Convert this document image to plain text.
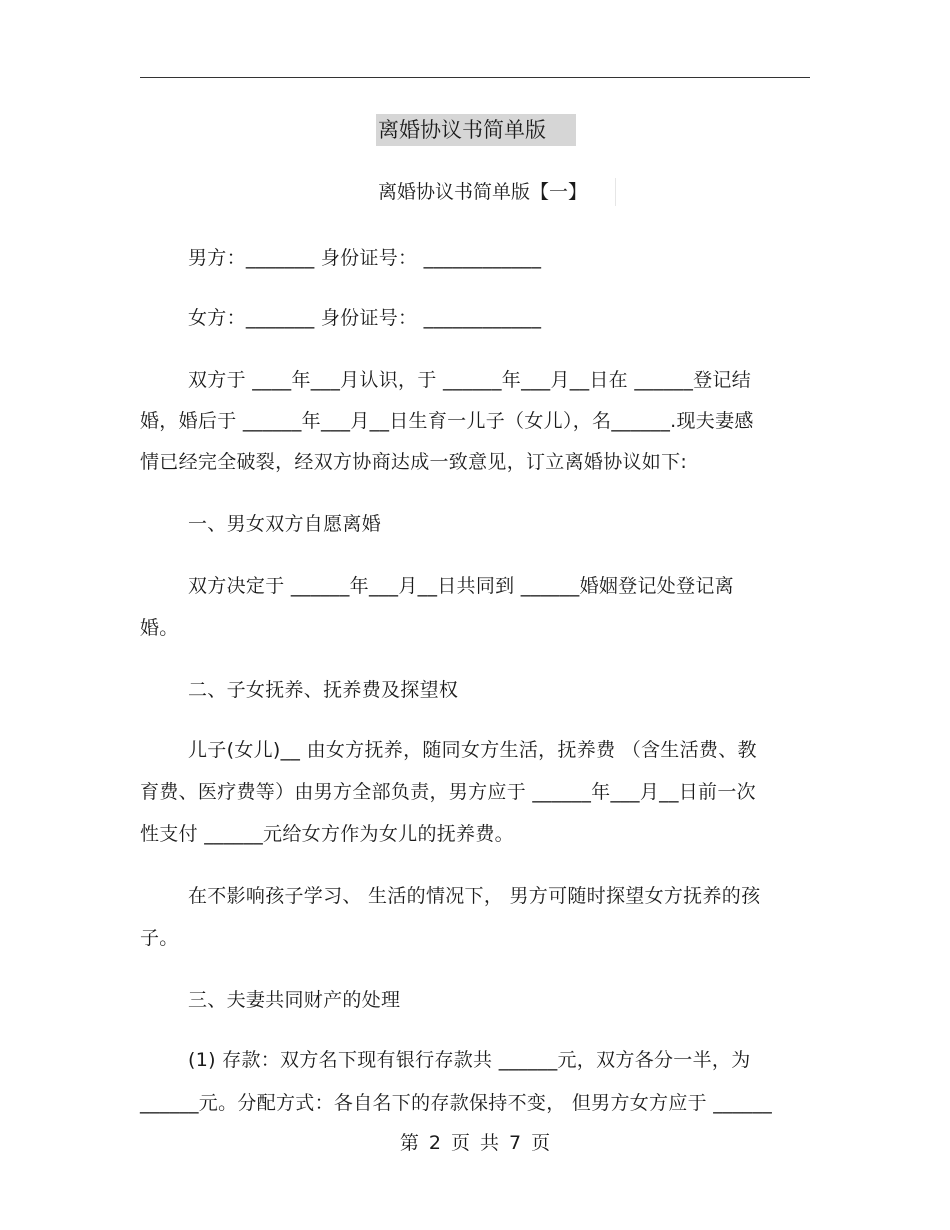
离婚协议书简单版
离婚协议书简单版【一】
男方：_______ 身份证号： ____________
女方：_______ 身份证号： ____________
双方于 ____年___月认识，于 ______年___月__日在 ______登记结
婚，婚后于 ______年___月__日生育一儿子（女儿），名______.现夫妻感
情已经完全破裂，经双方协商达成一致意见，订立离婚协议如下:
一、男女双方自愿离婚
双方决定于 ______年___月__日共同到 ______婚姻登记处登记离
婚。
二、子女抚养、抚养费及探望权
儿子(女儿)__ 由女方抚养，随同女方生活，抚养费 （含生活费、教
育费、医疗费等）由男方全部负责，男方应于 ______年___月__日前一次
性支付 ______元给女方作为女儿的抚养费。
在不影响孩子学习、 生活的情况下， 男方可随时探望女方抚养的孩
子。
三、夫妻共同财产的处理
(1) 存款：双方名下现有银行存款共 ______元，双方各分一半，为
______元。分配方式：各自名下的存款保持不变， 但男方女方应于 ______
第 2 页 共 7 页
